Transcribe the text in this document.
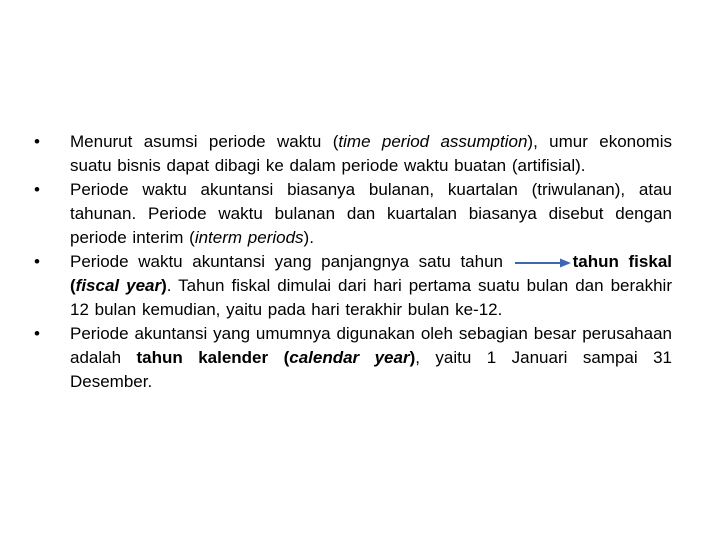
• Menurut asumsi periode waktu (time period assumption), umur ekonomis suatu bisnis dapat dibagi ke dalam periode waktu buatan (artifisial).
• Periode waktu akuntansi biasanya bulanan, kuartalan (triwulanan), atau tahunan. Periode waktu bulanan dan kuartalan biasanya disebut dengan periode interim (interm periods).
• Periode waktu akuntansi yang panjangnya satu tahun	tahun fiskal (fiscal year). Tahun fiskal dimulai dari hari pertama suatu bulan dan berakhir 12 bulan kemudian, yaitu pada hari terakhir bulan ke-12.
• Periode akuntansi yang umumnya digunakan oleh sebagian besar perusahaan adalah tahun kalender (calendar year), yaitu 1 Januari sampai 31 Desember.
